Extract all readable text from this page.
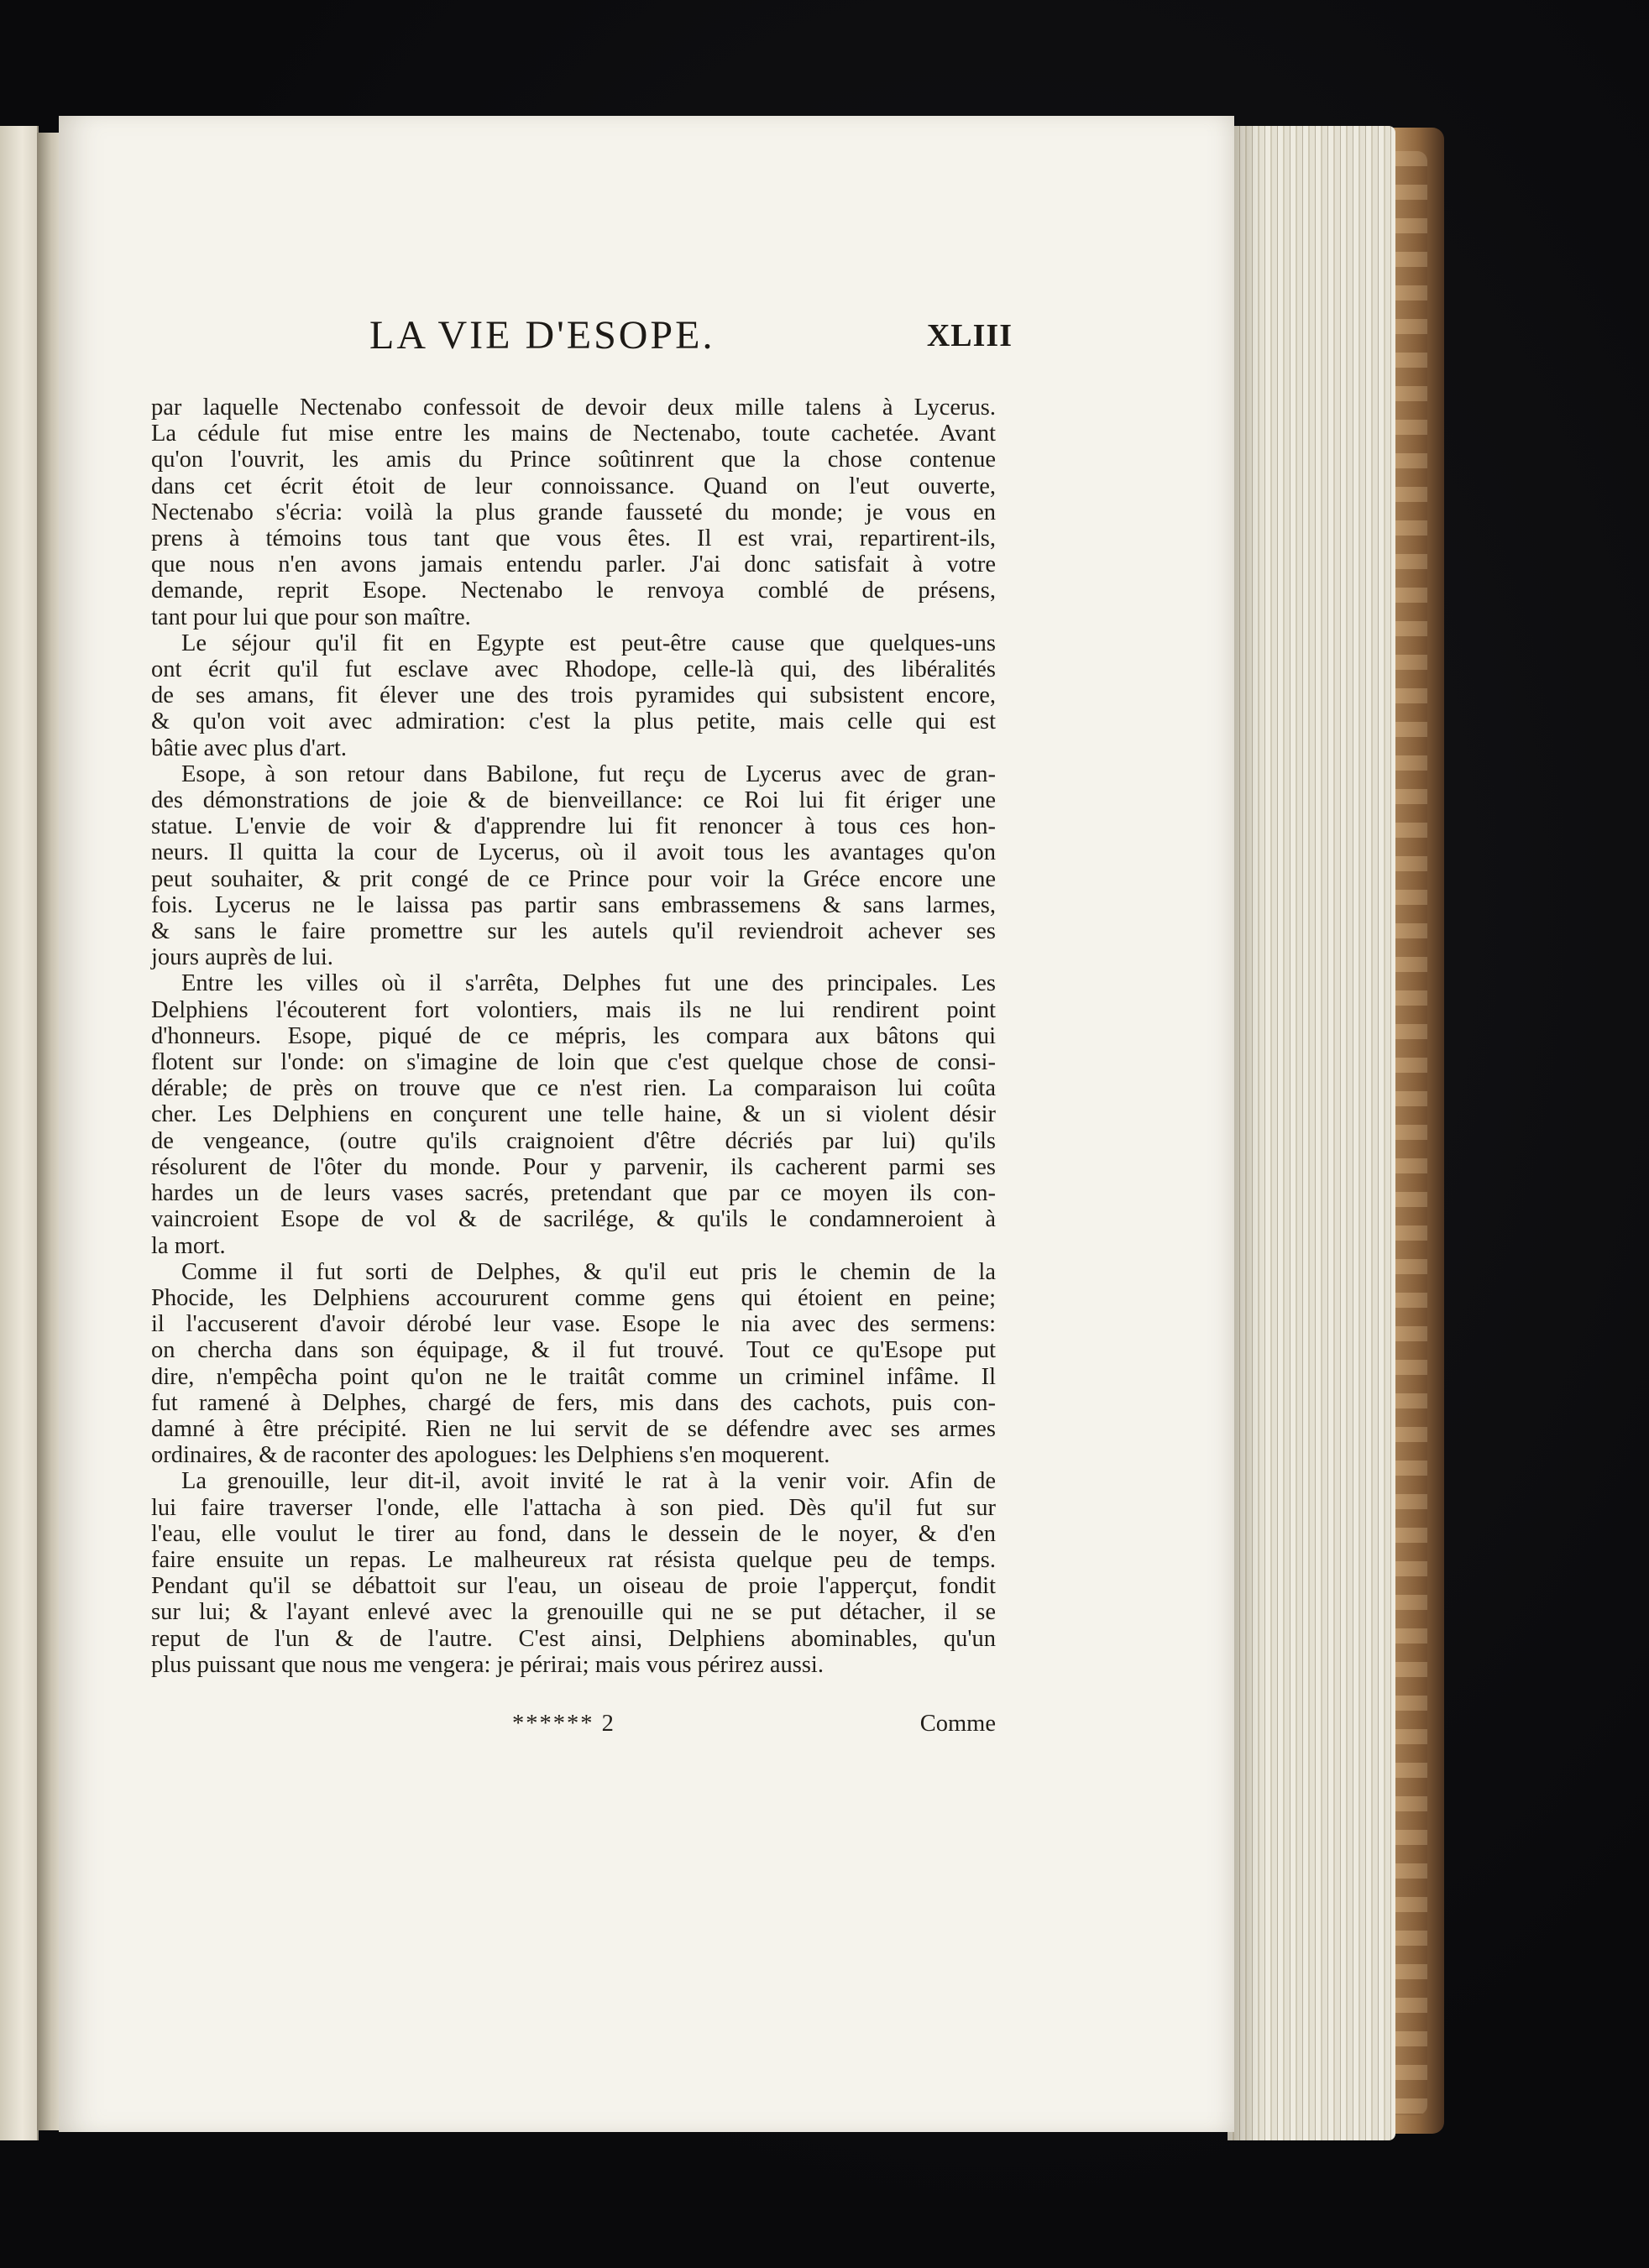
LA VIE D'ESOPE.	XLIII

par laquelle Nectenabo confessoit de devoir deux mille talens à Lycerus.
La cédule fut mise entre les mains de Nectenabo, toute cachetée. Avant
qu'on l'ouvrit, les amis du Prince soûtinrent que la chose contenue
dans cet écrit étoit de leur connoissance. Quand on l'eut ouverte,
Nectenabo s'écria: voilà la plus grande fausseté du monde; je vous en
prens à témoins tous tant que vous êtes. Il est vrai, repartirent-ils,
que nous n'en avons jamais entendu parler. J'ai donc satisfait à votre
demande, reprit Esope. Nectenabo le renvoya comblé de présens,
tant pour lui que pour son maître.

Le séjour qu'il fit en Egypte est peut-être cause que quelques-uns
ont écrit qu'il fut esclave avec Rhodope, celle-là qui, des libéralités
de ses amans, fit élever une des trois pyramides qui subsistent encore,
& qu'on voit avec admiration: c'est la plus petite, mais celle qui est
bâtie avec plus d'art.

Esope, à son retour dans Babilone, fut reçu de Lycerus avec de gran-
des démonstrations de joie & de bienveillance: ce Roi lui fit ériger une
statue. L'envie de voir & d'apprendre lui fit renoncer à tous ces hon-
neurs. Il quitta la cour de Lycerus, où il avoit tous les avantages qu'on
peut souhaiter, & prit congé de ce Prince pour voir la Gréce encore une
fois. Lycerus ne le laissa pas partir sans embrassemens & sans larmes,
& sans le faire promettre sur les autels qu'il reviendroit achever ses
jours auprès de lui.

Entre les villes où il s'arrêta, Delphes fut une des principales. Les
Delphiens l'écouterent fort volontiers, mais ils ne lui rendirent point
d'honneurs. Esope, piqué de ce mépris, les compara aux bâtons qui
flotent sur l'onde: on s'imagine de loin que c'est quelque chose de consi-
dérable; de près on trouve que ce n'est rien. La comparaison lui coûta
cher. Les Delphiens en conçurent une telle haine, & un si violent désir
de vengeance, (outre qu'ils craignoient d'être décriés par lui) qu'ils
résolurent de l'ôter du monde. Pour y parvenir, ils cacherent parmi ses
hardes un de leurs vases sacrés, pretendant que par ce moyen ils con-
vaincroient Esope de vol & de sacrilége, & qu'ils le condamneroient à
la mort.

Comme il fut sorti de Delphes, & qu'il eut pris le chemin de la
Phocide, les Delphiens accoururent comme gens qui étoient en peine;
il l'accuserent d'avoir dérobé leur vase. Esope le nia avec des sermens:
on chercha dans son équipage, & il fut trouvé. Tout ce qu'Esope put
dire, n'empêcha point qu'on ne le traitât comme un criminel infâme. Il
fut ramené à Delphes, chargé de fers, mis dans des cachots, puis con-
damné à être précipité. Rien ne lui servit de se défendre avec ses armes
ordinaires, & de raconter des apologues: les Delphiens s'en moquerent.

La grenouille, leur dit-il, avoit invité le rat à la venir voir. Afin de
lui faire traverser l'onde, elle l'attacha à son pied. Dès qu'il fut sur
l'eau, elle voulut le tirer au fond, dans le dessein de le noyer, & d'en
faire ensuite un repas. Le malheureux rat résista quelque peu de temps.
Pendant qu'il se débattoit sur l'eau, un oiseau de proie l'apperçut, fondit
sur lui; & l'ayant enlevé avec la grenouille qui ne se put détacher, il se
reput de l'un & de l'autre. C'est ainsi, Delphiens abominables, qu'un
plus puissant que nous me vengera: je périrai; mais vous périrez aussi.

****** 2	Comme
